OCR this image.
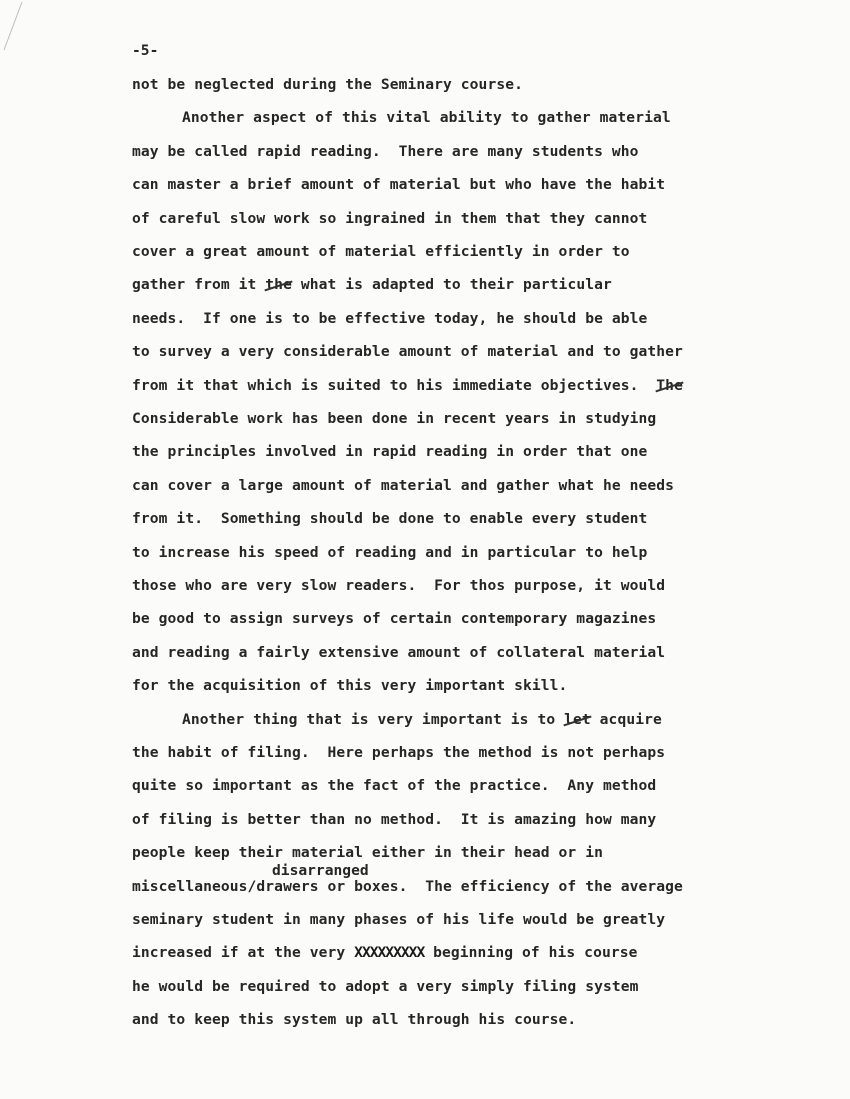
-5-
disarranged
not be neglected during the Seminary course.
Another aspect of this vital ability to gather material
may be called rapid reading.  There are many students who
can master a brief amount of material but who have the habit
of careful slow work so ingrained in them that they cannot
cover a great amount of material efficiently in order to
gather from it the what is adapted to their particular
needs.  If one is to be effective today, he should be able
to survey a very considerable amount of material and to gather
from it that which is suited to his immediate objectives.  The
Considerable work has been done in recent years in studying
the principles involved in rapid reading in order that one
can cover a large amount of material and gather what he needs
from it.  Something should be done to enable every student
to increase his speed of reading and in particular to help
those who are very slow readers.  For thos purpose, it would
be good to assign surveys of certain contemporary magazines
and reading a fairly extensive amount of collateral material
for the acquisition of this very important skill.
Another thing that is very important is to let acquire
the habit of filing.  Here perhaps the method is not perhaps
quite so important as the fact of the practice.  Any method
of filing is better than no method.  It is amazing how many
people keep their material either in their head or in
miscellaneous/drawers or boxes.  The efficiency of the average
seminary student in many phases of his life would be greatly
increased if at the very XXXXXXXXX beginning of his course
he would be required to adopt a very simply filing system
and to keep this system up all through his course.
